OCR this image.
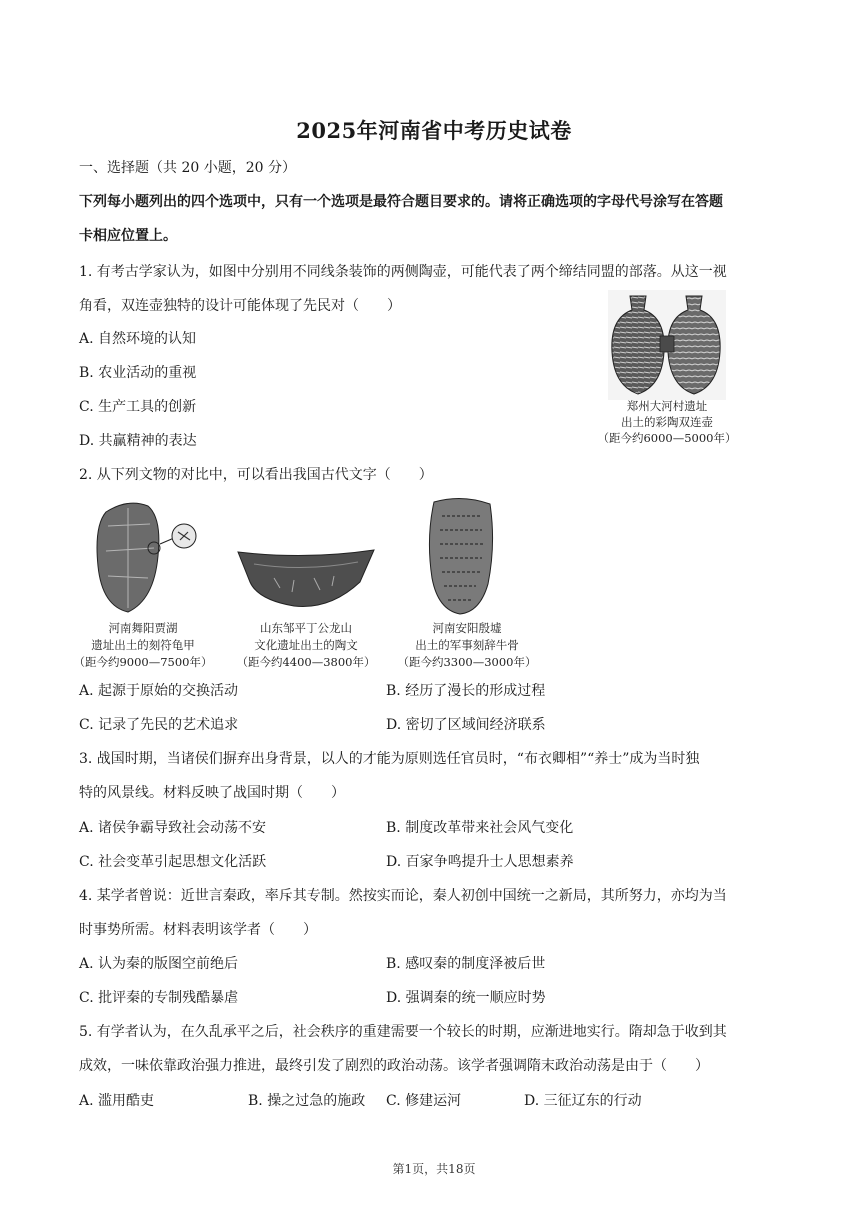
2025年河南省中考历史试卷
一、选择题（共 20 小题，20 分）
下列每小题列出的四个选项中，只有一个选项是最符合题目要求的。请将正确选项的字母代号涂写在答题
卡相应位置上。
1. 有考古学家认为，如图中分别用不同线条装饰的两侧陶壶，可能代表了两个缔结同盟的部落。从这一视
角看，双连壶独特的设计可能体现了先民对（　　）
A. 自然环境的认知
B. 农业活动的重视
C. 生产工具的创新
D. 共赢精神的表达
郑州大河村遗址
出土的彩陶双连壶
（距今约6000—5000年）
2. 从下列文物的对比中，可以看出我国古代文字（　　）
河南舞阳贾湖
遗址出土的刻符龟甲
（距今约9000—7500年）
山东邹平丁公龙山
文化遗址出土的陶文
（距今约4400—3800年）
河南安阳殷墟
出土的军事刻辞牛骨
（距今约3300—3000年）
A. 起源于原始的交换活动	B. 经历了漫长的形成过程
C. 记录了先民的艺术追求	D. 密切了区域间经济联系
3. 战国时期，当诸侯们摒弃出身背景，以人的才能为原则选任官员时，“布衣卿相”“养士”成为当时独
特的风景线。材料反映了战国时期（　　）
A. 诸侯争霸导致社会动荡不安	B. 制度改革带来社会风气变化
C. 社会变革引起思想文化活跃	D. 百家争鸣提升士人思想素养
4. 某学者曾说：近世言秦政，率斥其专制。然按实而论，秦人初创中国统一之新局，其所努力，亦均为当
时事势所需。材料表明该学者（　　）
A. 认为秦的版图空前绝后	B. 感叹秦的制度泽被后世
C. 批评秦的专制残酷暴虐	D. 强调秦的统一顺应时势
5. 有学者认为，在久乱承平之后，社会秩序的重建需要一个较长的时期，应渐进地实行。隋却急于收到其
成效，一味依靠政治强力推进，最终引发了剧烈的政治动荡。该学者强调隋末政治动荡是由于（　　）
A. 滥用酷吏	B. 操之过急的施政 C. 修建运河	D. 三征辽东的行动
第1页，共18页
